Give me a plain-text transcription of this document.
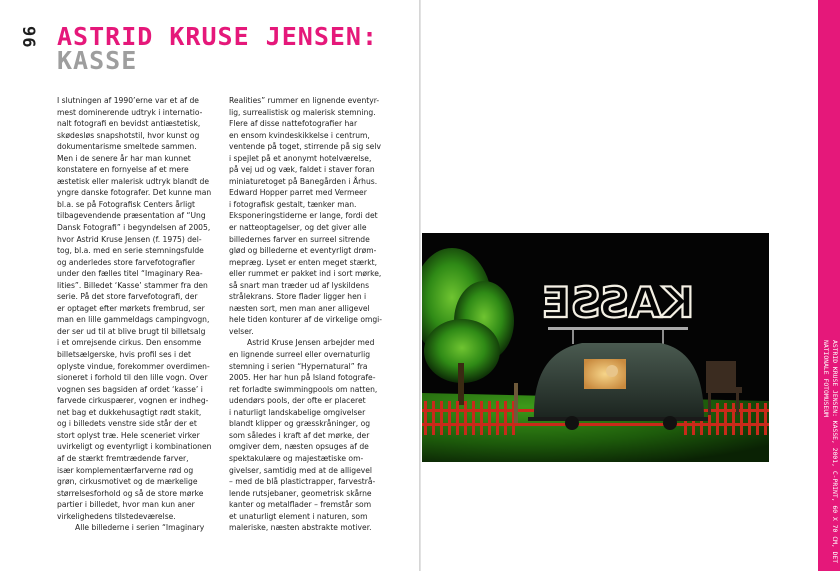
96 ASTRID KRUSE JENSEN:
KASSE
I slutningen af 1990’erne var et af de
mest dominerende udtryk i internatio-
nalt fotografi en bevidst antiæstetisk,
skødesløs snapshotstil, hvor kunst og
dokumentarisme smeltede sammen.
Men i de senere år har man kunnet
konstatere en fornyelse af et mere
æstetisk eller malerisk udtryk blandt de
yngre danske fotografer. Det kunne man
bl.a. se på Fotografisk Centers årligt
tilbagevendende præsentation af “Ung
Dansk Fotografi” i begyndelsen af 2005,
hvor Astrid Kruse Jensen (f. 1975) del-
tog, bl.a. med en serie stemningsfulde
og anderledes store farvefotografier
under den fælles titel “Imaginary Rea-
lities”. Billedet ‘Kasse’ stammer fra den
serie. På det store farvefotografi, der
er optaget efter mørkets frembrud, ser
man en lille gammeldags campingvogn,
der ser ud til at blive brugt til billetsalg
i et omrejsende cirkus. Den ensomme
billetsælgerske, hvis profil ses i det
oplyste vindue, forekommer overdimen-
sioneret i forhold til den lille vogn. Over
vognen ses bagsiden af ordet ‘kasse’ i
farvede cirkuspærer, vognen er indheg-
net bag et dukkehusagtigt rødt stakit,
og i billedets venstre side står der et
stort oplyst træ. Hele sceneriet virker
uvirkeligt og eventyrligt i kombinationen
af de stærkt fremtrædende farver,
især komplementærfarverne rød og
grøn, cirkusmotivet og de mærkelige
størrelsesforhold og så de store mørke
partier i billedet, hvor man kun aner
virkelighedens tilstedeværelse.
Alle billederne i serien “Imaginary
Realities” rummer en lignende eventyr-
lig, surrealistisk og malerisk stemning.
Flere af disse nattefotografier har
en ensom kvindeskikkelse i centrum,
ventende på toget, stirrende på sig selv
i spejlet på et anonymt hotelværelse,
på vej ud og væk, faldet i staver foran
miniaturetoget på Banegården i Århus.
Edward Hopper parret med Vermeer
i fotografisk gestalt, tænker man.
Eksponeringstiderne er lange, fordi det
er natteoptagelser, og det giver alle
billedernes farver en surreel sitrende
glød og billederne et eventyrligt drøm-
mepræg. Lyset er enten meget stærkt,
eller rummet er pakket ind i sort mørke,
så snart man træder ud af lyskildens
strålekrans. Store flader ligger hen i
næsten sort, men man aner alligevel
hele tiden konturer af de virkelige omgi-
velser.
Astrid Kruse Jensen arbejder med
en lignende surreel eller overnaturlig
stemning i serien “Hypernatural” fra
2005. Her har hun på Island fotografe-
ret forladte swimmingpools om natten,
udendørs pools, der ofte er placeret
i naturligt landskabelige omgivelser
blandt klipper og græsskråninger, og
som således i kraft af det mørke, der
omgiver dem, næsten opsuges af de
spektakulære og majestætiske om-
givelser, samtidig med at de alligevel
– med de blå plastictrapper, farvestrå-
lende rutsjebaner, geometrisk skårne
kanter og metalflader – fremstår som
et unaturligt element i naturen, som
maleriske, næsten abstrakte motiver.
KASSE
ASTRID KRUSE JENSEN: KASSE, 2001, C-PRINT, 60 X 70 CM, DET
NATIONALE FOTOMUSEUM
